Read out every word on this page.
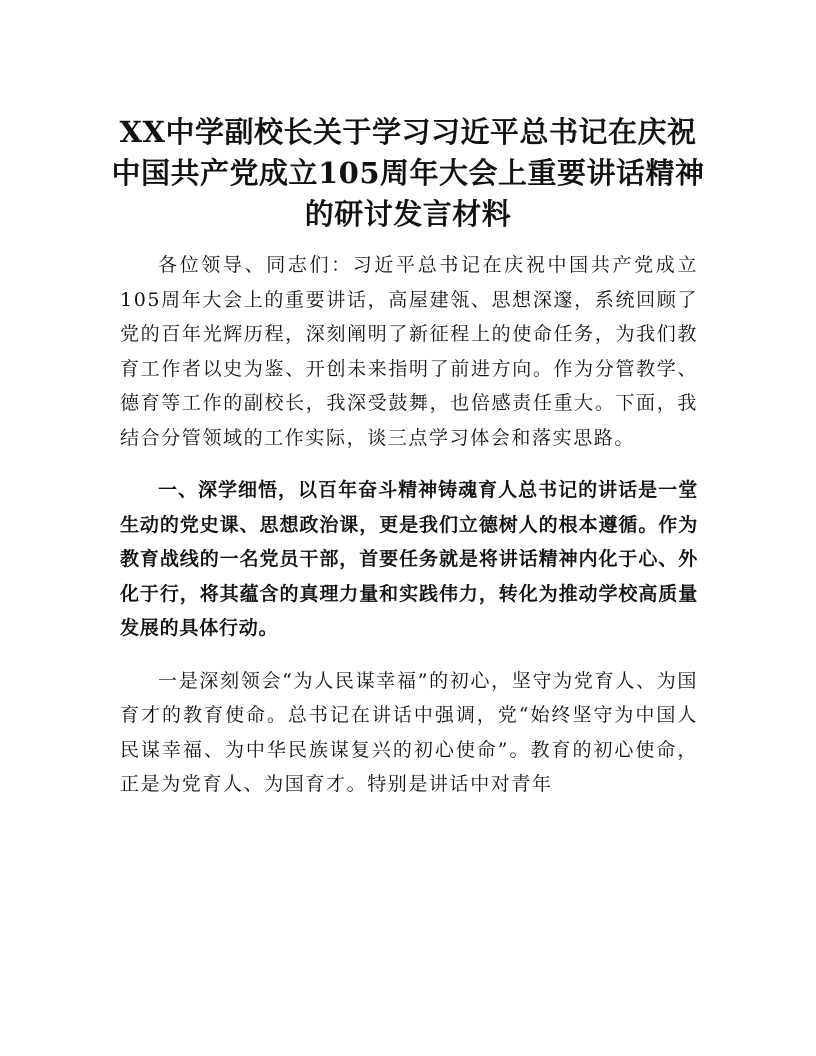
XX中学副校长关于学习习近平总书记在庆祝中国共产党成立105周年大会上重要讲话精神的研讨发言材料

各位领导、同志们：习近平总书记在庆祝中国共产党成立105周年大会上的重要讲话，高屋建瓴、思想深邃，系统回顾了党的百年光辉历程，深刻阐明了新征程上的使命任务，为我们教育工作者以史为鉴、开创未来指明了前进方向。作为分管教学、德育等工作的副校长，我深受鼓舞，也倍感责任重大。下面，我结合分管领域的工作实际，谈三点学习体会和落实思路。

一、深学细悟，以百年奋斗精神铸魂育人总书记的讲话是一堂生动的党史课、思想政治课，更是我们立德树人的根本遵循。作为教育战线的一名党员干部，首要任务就是将讲话精神内化于心、外化于行，将其蕴含的真理力量和实践伟力，转化为推动学校高质量发展的具体行动。

一是深刻领会“为人民谋幸福”的初心，坚守为党育人、为国育才的教育使命。总书记在讲话中强调，党“始终坚守为中国人民谋幸福、为中华民族谋复兴的初心使命”。教育的初心使命，正是为党育人、为国育才。特别是讲话中对青年
